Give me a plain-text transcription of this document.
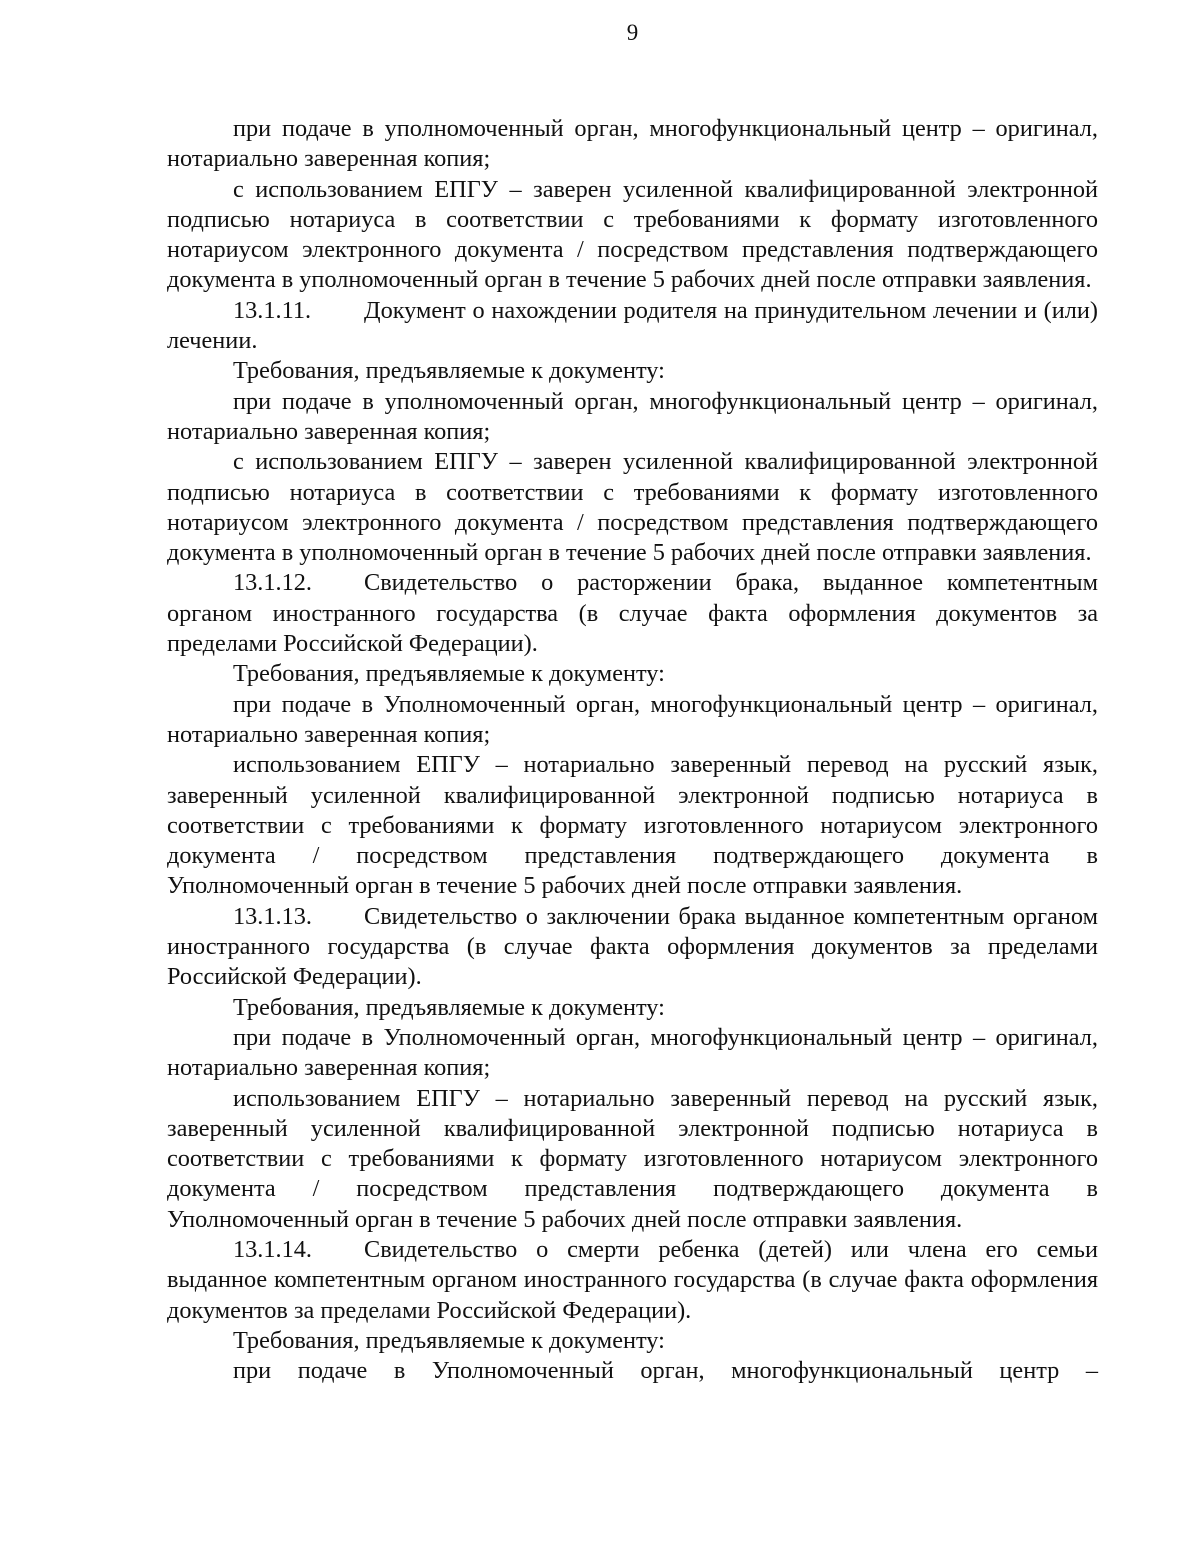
9

при подаче в уполномоченный орган, многофункциональный центр – оригинал, нотариально заверенная копия;

с использованием ЕПГУ – заверен усиленной квалифицированной электронной подписью нотариуса в соответствии с требованиями к формату изготовленного нотариусом электронного документа / посредством представления подтверждающего документа в уполномоченный орган в течение 5 рабочих дней после отправки заявления.

13.1.11. Документ о нахождении родителя на принудительном лечении и (или) лечении.

Требования, предъявляемые к документу:

при подаче в уполномоченный орган, многофункциональный центр – оригинал, нотариально заверенная копия;

с использованием ЕПГУ – заверен усиленной квалифицированной электронной подписью нотариуса в соответствии с требованиями к формату изготовленного нотариусом электронного документа / посредством представления подтверждающего документа в уполномоченный орган в течение 5 рабочих дней после отправки заявления.

13.1.12. Свидетельство о расторжении брака, выданное компетентным органом иностранного государства (в случае факта оформления документов за пределами Российской Федерации).

Требования, предъявляемые к документу:

при подаче в Уполномоченный орган, многофункциональный центр – оригинал, нотариально заверенная копия;

использованием ЕПГУ – нотариально заверенный перевод на русский язык, заверенный усиленной квалифицированной электронной подписью нотариуса в соответствии с требованиями к формату изготовленного нотариусом электронного документа / посредством представления подтверждающего документа в Уполномоченный орган в течение 5 рабочих дней после отправки заявления.

13.1.13. Свидетельство о заключении брака выданное компетентным органом иностранного государства (в случае факта оформления документов за пределами Российской Федерации).

Требования, предъявляемые к документу:

при подаче в Уполномоченный орган, многофункциональный центр – оригинал, нотариально заверенная копия;

использованием ЕПГУ – нотариально заверенный перевод на русский язык, заверенный усиленной квалифицированной электронной подписью нотариуса в соответствии с требованиями к формату изготовленного нотариусом электронного документа / посредством представления подтверждающего документа в Уполномоченный орган в течение 5 рабочих дней после отправки заявления.

13.1.14. Свидетельство о смерти ребенка (детей) или члена его семьи выданное компетентным органом иностранного государства (в случае факта оформления документов за пределами Российской Федерации).

Требования, предъявляемые к документу:

при подаче в Уполномоченный орган, многофункциональный центр –
